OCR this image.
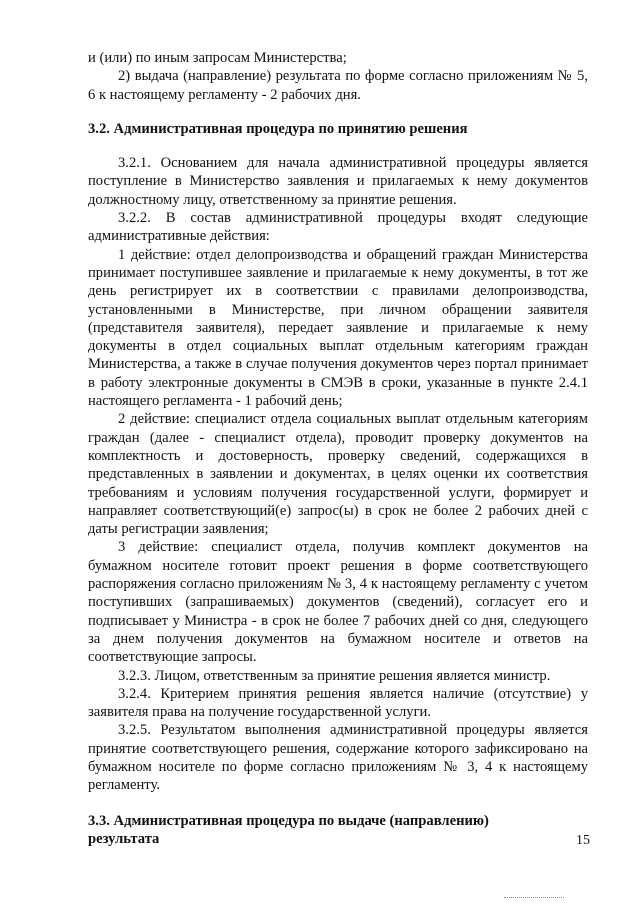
и (или) по иным запросам Министерства;

2) выдача (направление) результата по форме согласно приложениям № 5, 6 к настоящему регламенту - 2 рабочих дня.

3.2. Административная процедура по принятию решения

3.2.1. Основанием для начала административной процедуры является поступление в Министерство заявления и прилагаемых к нему документов должностному лицу, ответственному за принятие решения.

3.2.2. В состав административной процедуры входят следующие административные действия:

1 действие: отдел делопроизводства и обращений граждан Министерства принимает поступившее заявление и прилагаемые к нему документы, в тот же день регистрирует их в соответствии с правилами делопроизводства, установленными в Министерстве, при личном обращении заявителя (представителя заявителя), передает заявление и прилагаемые к нему документы в отдел социальных выплат отдельным категориям граждан Министерства, а также в случае получения документов через портал принимает в работу электронные документы в СМЭВ в сроки, указанные в пункте 2.4.1 настоящего регламента - 1 рабочий день;

2 действие: специалист отдела социальных выплат отдельным категориям граждан (далее - специалист отдела), проводит проверку документов на комплектность и достоверность, проверку сведений, содержащихся в представленных в заявлении и документах, в целях оценки их соответствия требованиям и условиям получения государственной услуги, формирует и направляет соответствующий(е) запрос(ы) в срок не более 2 рабочих дней с даты регистрации заявления;

3 действие: специалист отдела, получив комплект документов на бумажном носителе готовит проект решения в форме соответствующего распоряжения согласно приложениям № 3, 4 к настоящему регламенту с учетом поступивших (запрашиваемых) документов (сведений), согласует его и подписывает у Министра - в срок не более 7 рабочих дней со дня, следующего за днем получения документов на бумажном носителе и ответов на соответствующие запросы.

3.2.3. Лицом, ответственным за принятие решения является министр.

3.2.4. Критерием принятия решения является наличие (отсутствие) у заявителя права на получение государственной услуги.

3.2.5. Результатом выполнения административной процедуры является принятие соответствующего решения, содержание которого зафиксировано на бумажном носителе по форме согласно приложениям № 3, 4 к настоящему регламенту.

3.3. Административная процедура по выдаче (направлению)

результата	15
